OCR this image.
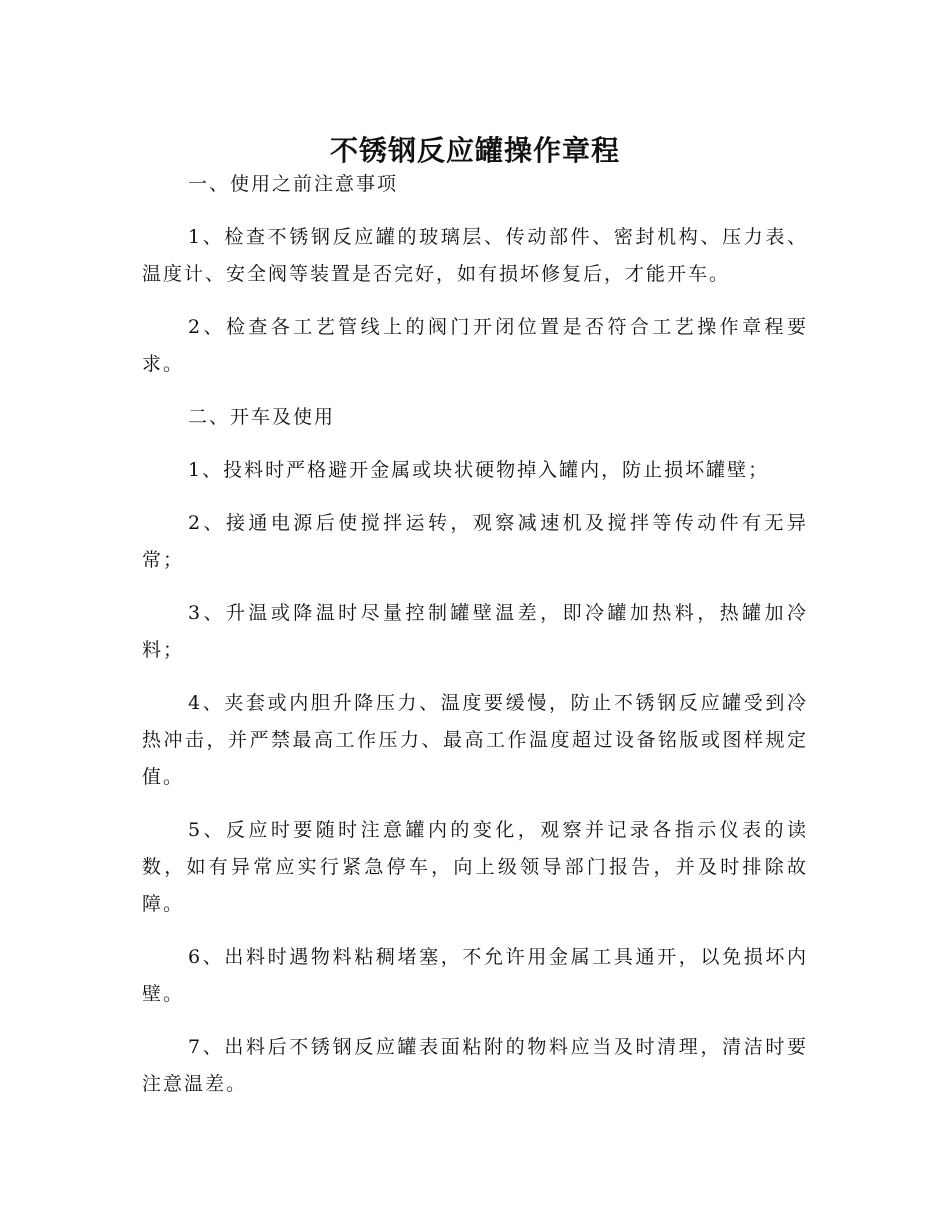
不锈钢反应罐操作章程

一、使用之前注意事项

1、检查不锈钢反应罐的玻璃层、传动部件、密封机构、压力表、温度计、安全阀等装置是否完好，如有损坏修复后，才能开车。

2、检查各工艺管线上的阀门开闭位置是否符合工艺操作章程要求。

二、开车及使用

1、投料时严格避开金属或块状硬物掉入罐内，防止损坏罐壁；

2、接通电源后使搅拌运转，观察减速机及搅拌等传动件有无异常；

3、升温或降温时尽量控制罐壁温差，即冷罐加热料，热罐加冷料；

4、夹套或内胆升降压力、温度要缓慢，防止不锈钢反应罐受到冷热冲击，并严禁最高工作压力、最高工作温度超过设备铭版或图样规定值。

5、反应时要随时注意罐内的变化，观察并记录各指示仪表的读数，如有异常应实行紧急停车，向上级领导部门报告，并及时排除故障。

6、出料时遇物料粘稠堵塞，不允许用金属工具通开，以免损坏内壁。

7、出料后不锈钢反应罐表面粘附的物料应当及时清理，清洁时要注意温差。
